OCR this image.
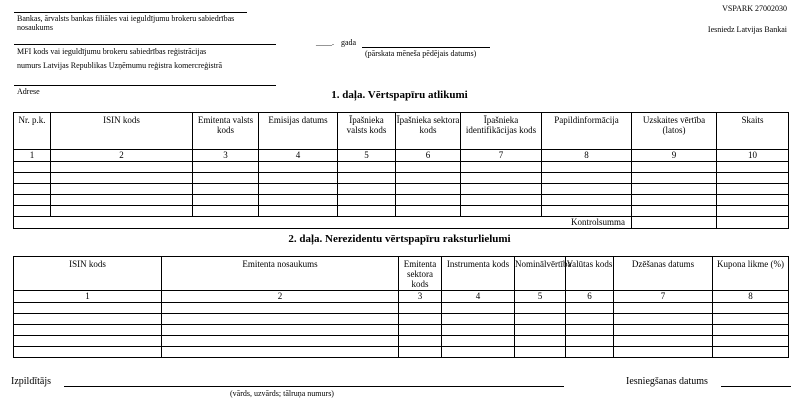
Bankas, ārvalsts bankas filiāles vai ieguldījumu brokeru sabiedrības nosaukums
VSPARK 27002030
Iesniedz Latvijas Bankai
____. gada
(pārskata mēneša pēdējais datums)
MFI kods vai ieguldījumu brokeru sabiedrības reģistrācijas
numurs Latvijas Republikas Uzņēmumu reģistra komercreģistrā
Adrese	1. daļa. Vērtspapīru atlikumi
Nr. p.k.	ISIN kods	Emitenta valsts kods	Emisijas datums	Īpašnieka valsts kods	Īpašnieka sektora kods	Īpašnieka identifikācijas kods	Papildinformācija	Uzskaites vērtība (latos)	Skaits
1	2	3	4	5	6	7	8	9	10

Kontrolsumma									
2. daļa. Nerezidentu vērtspapīru raksturlielumi
ISIN kods	Emitenta nosaukums	Emitenta sektora kods	Instrumenta kods	Nominālvērtība	Valūtas kods	Dzēšanas datums	Kupona likme (%)
1	2	3	4	5	6	7	8

Izpildītājs
(vārds, uzvārds; tālruņa numurs)
Iesniegšanas datums
